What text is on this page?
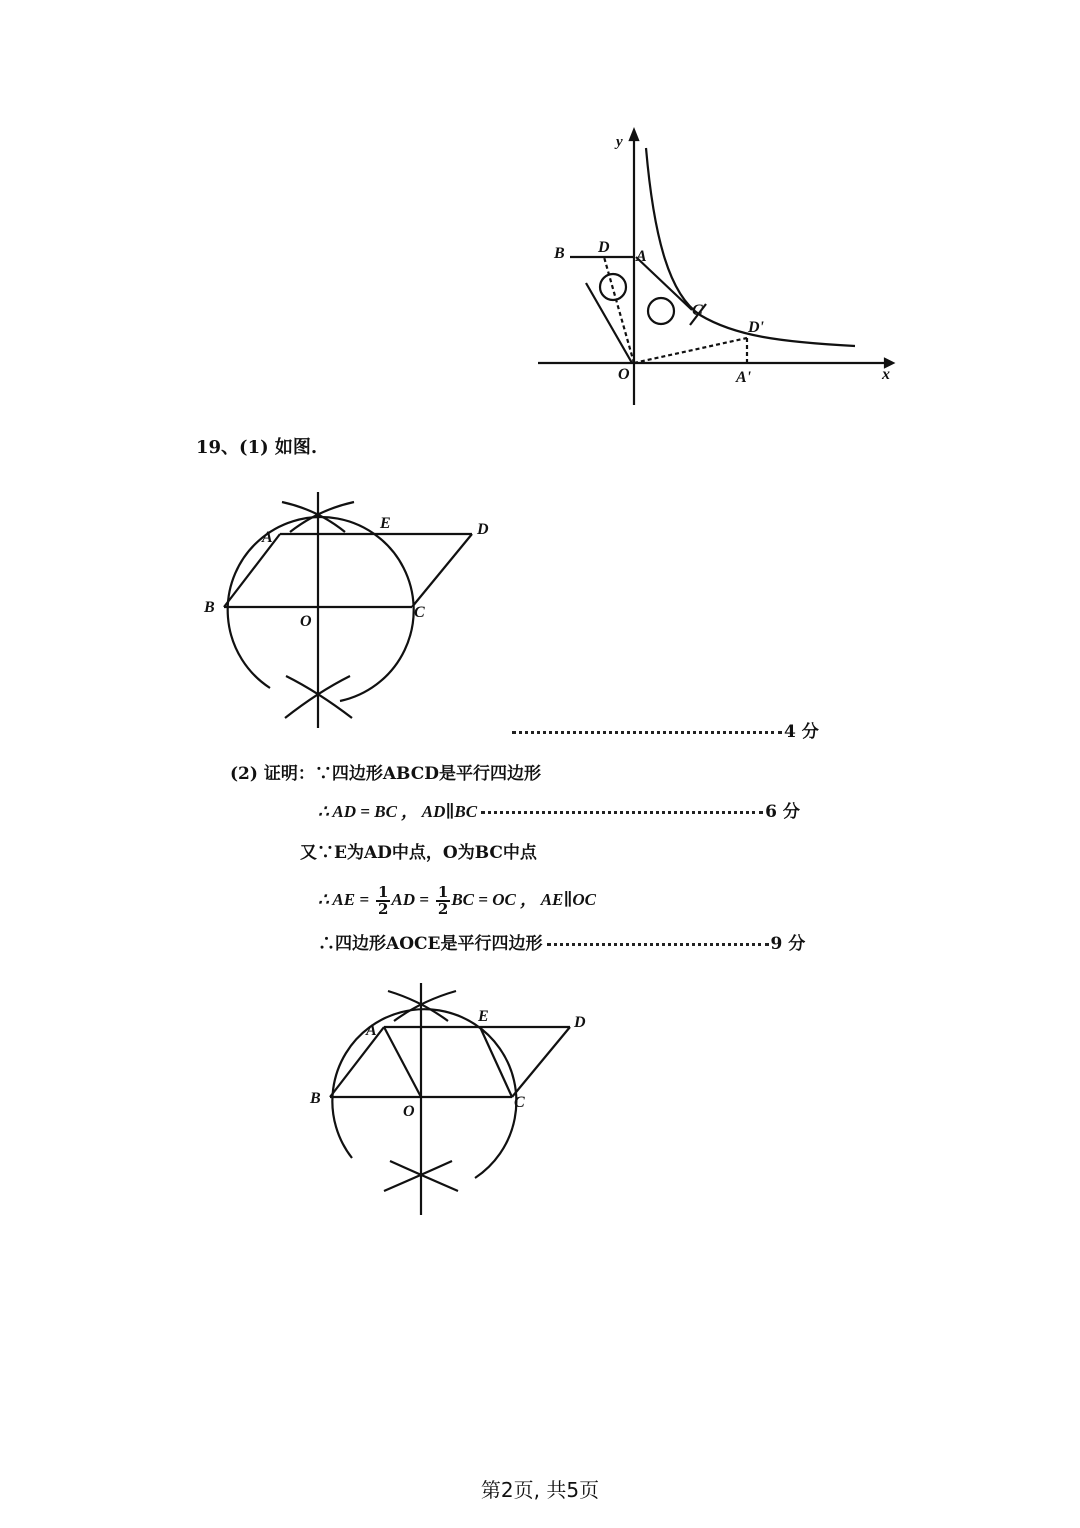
y
B D
A
C
D'
O	A'	x
19、(1) 如图.
A
E	D
B
O
C
4 分
(2) 证明：∵四边形ABCD是平行四边形
∴ AD = BC ， AD∥BC	6 分
又∵E为AD中点，O为BC中点
∴ AE = $\frac{1}{2}$ AD = $\frac{1}{2}$ BC = OC ， AE∥OC
∴四边形AOCE是平行四边形	9 分
A
E	D
B
O
C
第2页, 共5页
